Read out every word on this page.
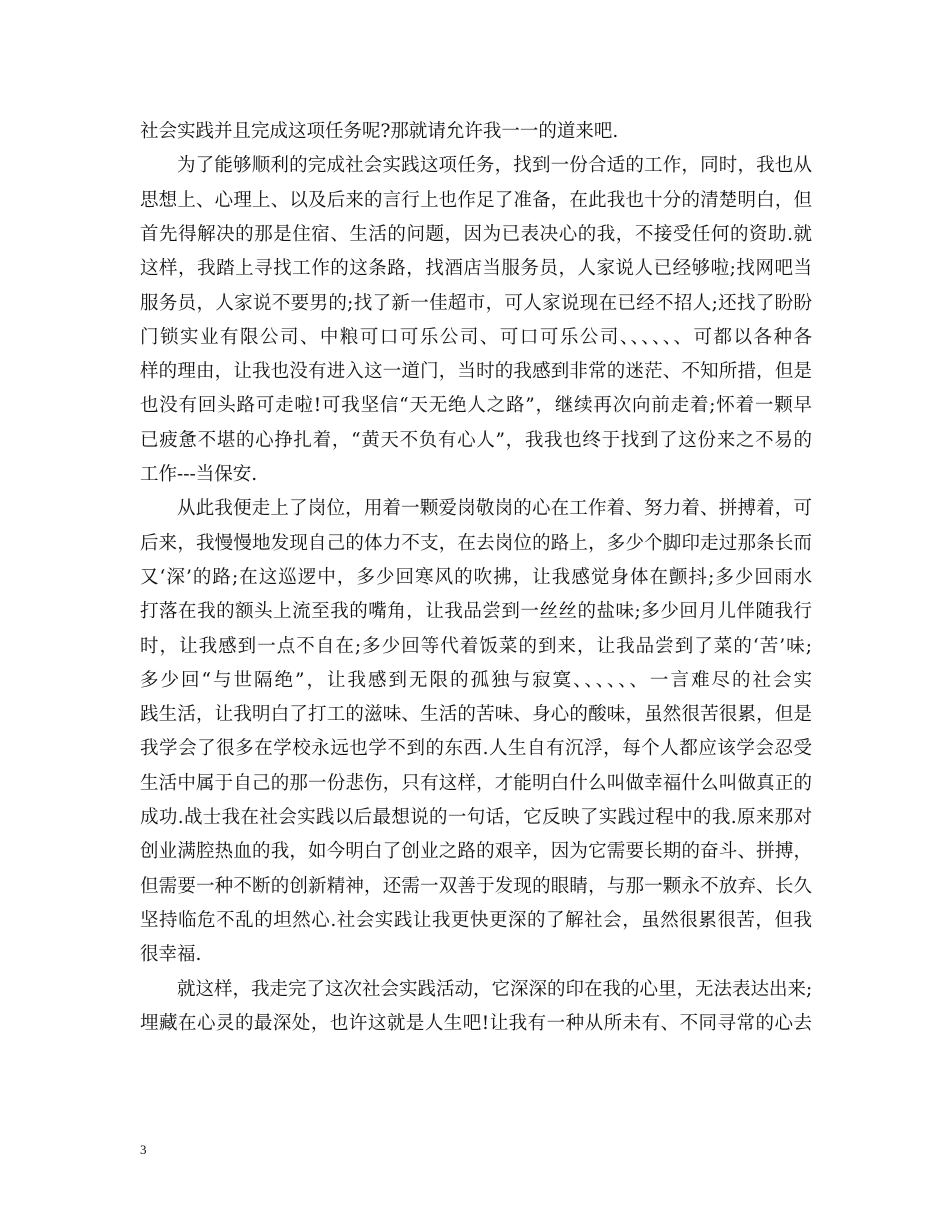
社会实践并且完成这项任务呢?那就请允许我一一的道来吧.
为了能够顺利的完成社会实践这项任务，找到一份合适的工作，同时，我也从
思想上、心理上、以及后来的言行上也作足了准备，在此我也十分的清楚明白，但
首先得解决的那是住宿、生活的问题，因为已表决心的我，不接受任何的资助.就
这样，我踏上寻找工作的这条路，找酒店当服务员，人家说人已经够啦;找网吧当
服务员，人家说不要男的;找了新一佳超市，可人家说现在已经不招人;还找了盼盼
门锁实业有限公司、中粮可口可乐公司、可口可乐公司、、、、、、可都以各种各
样的理由，让我也没有进入这一道门，当时的我感到非常的迷茫、不知所措，但是
也没有回头路可走啦!可我坚信“天无绝人之路”，继续再次向前走着;怀着一颗早
已疲惫不堪的心挣扎着，“黄天不负有心人”，我我也终于找到了这份来之不易的
工作---当保安.
从此我便走上了岗位，用着一颗爱岗敬岗的心在工作着、努力着、拼搏着，可
后来，我慢慢地发现自己的体力不支，在去岗位的路上，多少个脚印走过那条长而
又‘深’的路;在这巡逻中，多少回寒风的吹拂，让我感觉身体在颤抖;多少回雨水
打落在我的额头上流至我的嘴角，让我品尝到一丝丝的盐味;多少回月儿伴随我行
时，让我感到一点不自在;多少回等代着饭菜的到来，让我品尝到了菜的‘苦’味;
多少回“与世隔绝”，让我感到无限的孤独与寂寞、、、、、、一言难尽的社会实
践生活，让我明白了打工的滋味、生活的苦味、身心的酸味，虽然很苦很累，但是
我学会了很多在学校永远也学不到的东西.人生自有沉浮，每个人都应该学会忍受
生活中属于自己的那一份悲伤，只有这样，才能明白什么叫做幸福什么叫做真正的
成功.战士我在社会实践以后最想说的一句话，它反映了实践过程中的我.原来那对
创业满腔热血的我，如今明白了创业之路的艰辛，因为它需要长期的奋斗、拼搏，
但需要一种不断的创新精神，还需一双善于发现的眼睛，与那一颗永不放弃、长久
坚持临危不乱的坦然心.社会实践让我更快更深的了解社会，虽然很累很苦，但我
很幸福.
就这样，我走完了这次社会实践活动，它深深的印在我的心里，无法表达出来;
埋藏在心灵的最深处，也许这就是人生吧!让我有一种从所未有、不同寻常的心去
3
